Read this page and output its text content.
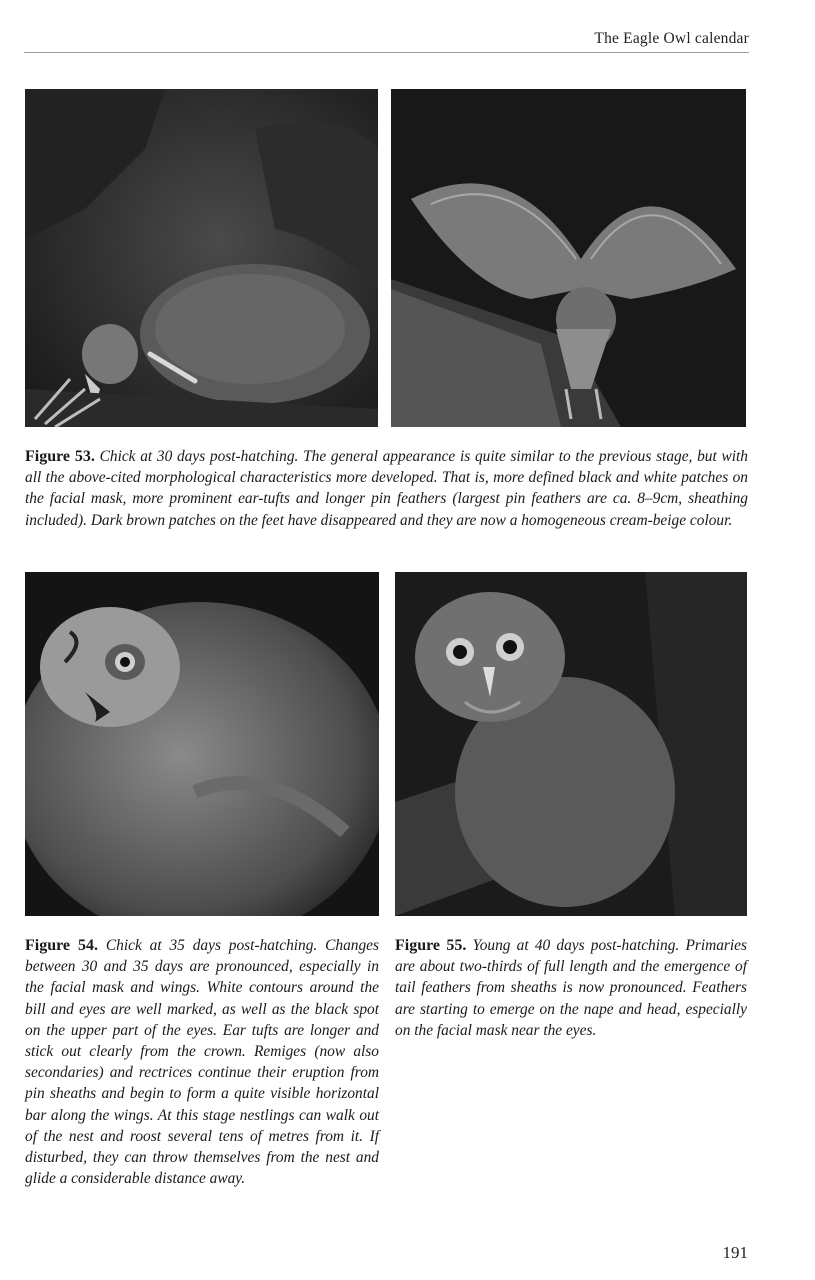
The Eagle Owl calendar
Figure 53. Chick at 30 days post-hatching. The general appearance is quite similar to the previous stage, but with all the above-cited morphological characteristics more developed. That is, more defined black and white patches on the facial mask, more prominent ear-tufts and longer pin feathers (largest pin feathers are ca. 8–9cm, sheathing included). Dark brown patches on the feet have disappeared and they are now a homogeneous cream-beige colour.
Figure 54. Chick at 35 days post-hatching. Changes between 30 and 35 days are pronounced, especially in the facial mask and wings. White contours around the bill and eyes are well marked, as well as the black spot on the upper part of the eyes. Ear tufts are longer and stick out clearly from the crown. Remiges (now also secondaries) and rectrices continue their eruption from pin sheaths and begin to form a quite visible horizontal bar along the wings. At this stage nestlings can walk out of the nest and roost several tens of metres from it. If disturbed, they can throw themselves from the nest and glide a considerable distance away.
Figure 55. Young at 40 days post-hatching. Primaries are about two-thirds of full length and the emergence of tail feathers from sheaths is now pronounced. Feathers are starting to emerge on the nape and head, especially on the facial mask near the eyes.
191
